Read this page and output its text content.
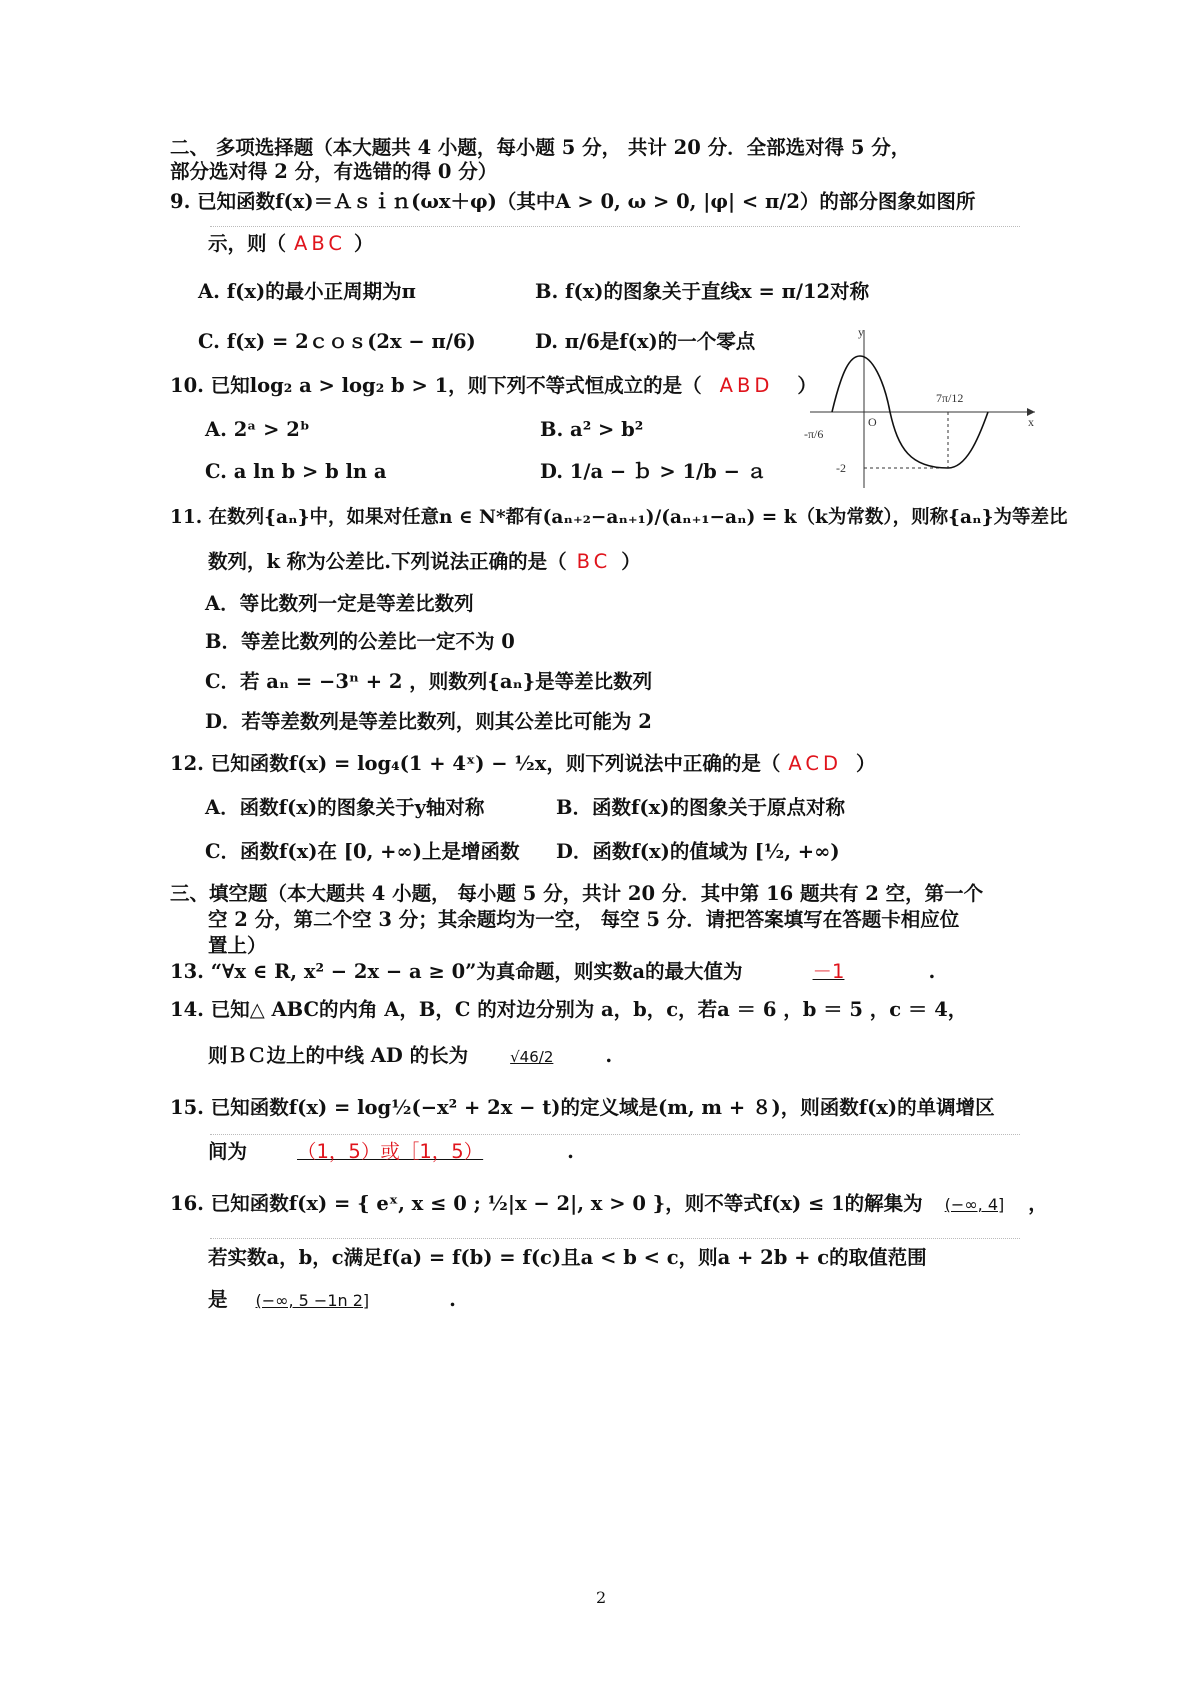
二、 多项选择题（本大题共 4 小题，每小题 5 分， 共计 20 分．全部选对得 5 分，
部分选对得 2 分，有选错的得 0 分）
9. 已知函数f(x)＝Ａｓｉｎ(ωx＋φ)（其中A > 0, ω > 0, |φ| < π/2）的部分图象如图所
示，则（ ABC ）
A. f(x)的最小正周期为π	B. f(x)的图象关于直线x = π/12对称
C. f(x) = 2ｃｏｓ(2x − π/6)	D. π/6是f(x)的一个零点	y
x
O
-π/6
7π/12
-2
10. 已知log₂ a > log₂ b > 1，则下列不等式恒成立的是（ ABD ）
A. 2ᵃ > 2ᵇ	B. a² > b²
C. a ln b > b ln a	D. 1/a − ｂ > 1/b − ａ
11. 在数列{aₙ}中，如果对任意n ∈ N*都有(aₙ₊₂−aₙ₊₁)/(aₙ₊₁−aₙ) = k（k为常数），则称{aₙ}为等差比
数列，k 称为公差比.下列说法正确的是（ BC ）
A．等比数列一定是等差比数列
B．等差比数列的公差比一定不为 0
C．若 aₙ = −3ⁿ + 2 ，则数列{aₙ}是等差比数列
D．若等差数列是等差比数列，则其公差比可能为 2
12. 已知函数f(x) = log₄(1 + 4ˣ) − ½x，则下列说法中正确的是（ ACD ）
A．函数f(x)的图象关于y轴对称	B．函数f(x)的图象关于原点对称
C．函数f(x)在 [0, +∞)上是增函数 D．函数f(x)的值域为 [½, +∞)
三、填空题（本大题共 4 小题， 每小题 5 分，共计 20 分．其中第 16 题共有 2 空，第一个
空 2 分，第二个空 3 分；其余题均为一空， 每空 5 分．请把答案填写在答题卡相应位
置上）
13. “∀x ∈ R, x² − 2x − a ≥ 0”为真命题，则实数a的最大值为	－1	.
14. 已知△ ABC的内角 A，B，C 的对边分别为 a，b，c，若a ＝ 6 ，b ＝ 5 ，c ＝ 4，
则ＢＣ边上的中线 AD 的长为	√46/2	.
15. 已知函数f(x) = log½(−x² + 2x − t)的定义域是(m, m + ８)，则函数f(x)的单调增区
间为	（1，5）或［1，5）	.
16. 已知函数f(x) = { eˣ, x ≤ 0 ; ½|x − 2|, x > 0 }，则不等式f(x) ≤ 1的解集为 (−∞, 4] ，
若实数a，b，c满足f(a) = f(b) = f(c)且a < b < c，则a + 2b + c的取值范围
是 (−∞, 5 −1n 2]	.
2
